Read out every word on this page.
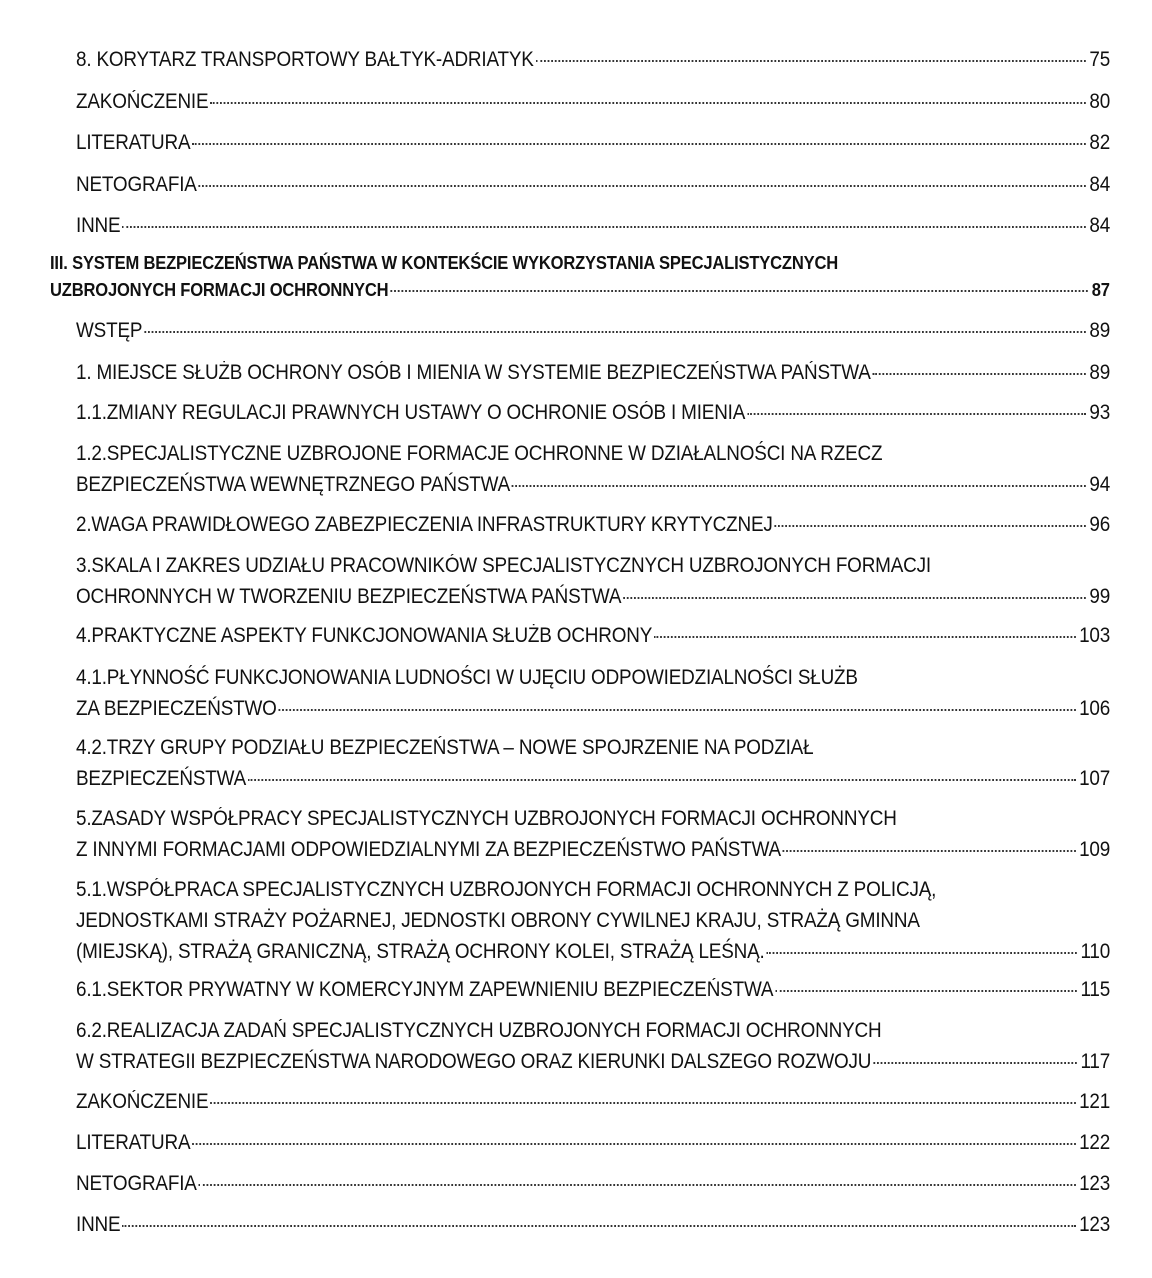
8. KORYTARZ TRANSPORTOWY BAŁTYK-ADRIATYK	75
ZAKOŃCZENIE	80
LITERATURA	82
NETOGRAFIA	84
INNE	84
III. SYSTEM BEZPIECZEŃSTWA PAŃSTWA W KONTEKŚCIE WYKORZYSTANIA SPECJALISTYCZNYCH
UZBROJONYCH FORMACJI OCHRONNYCH	87
WSTĘP	89
1. MIEJSCE SŁUŻB OCHRONY OSÓB I MIENIA W SYSTEMIE BEZPIECZEŃSTWA PAŃSTWA	89
1.1.ZMIANY REGULACJI PRAWNYCH USTAWY O OCHRONIE OSÓB I MIENIA	93
1.2.SPECJALISTYCZNE UZBROJONE FORMACJE OCHRONNE W DZIAŁALNOŚCI NA RZECZ
BEZPIECZEŃSTWA WEWNĘTRZNEGO PAŃSTWA	94
2.WAGA PRAWIDŁOWEGO ZABEZPIECZENIA INFRASTRUKTURY KRYTYCZNEJ	96
3.SKALA I ZAKRES UDZIAŁU PRACOWNIKÓW SPECJALISTYCZNYCH UZBROJONYCH FORMACJI
OCHRONNYCH W TWORZENIU BEZPIECZEŃSTWA PAŃSTWA	99
4.PRAKTYCZNE ASPEKTY FUNKCJONOWANIA SŁUŻB OCHRONY	103
4.1.PŁYNNOŚĆ FUNKCJONOWANIA LUDNOŚCI W UJĘCIU ODPOWIEDZIALNOŚCI SŁUŻB
ZA BEZPIECZEŃSTWO	106
4.2.TRZY GRUPY PODZIAŁU BEZPIECZEŃSTWA – NOWE SPOJRZENIE NA PODZIAŁ
BEZPIECZEŃSTWA	107
5.ZASADY WSPÓŁPRACY SPECJALISTYCZNYCH UZBROJONYCH FORMACJI OCHRONNYCH
Z INNYMI FORMACJAMI ODPOWIEDZIALNYMI ZA BEZPIECZEŃSTWO PAŃSTWA	109
5.1.WSPÓŁPRACA SPECJALISTYCZNYCH UZBROJONYCH FORMACJI OCHRONNYCH Z POLICJĄ,
JEDNOSTKAMI STRAŻY POŻARNEJ, JEDNOSTKI OBRONY CYWILNEJ KRAJU, STRAŻĄ GMINNA
(MIEJSKĄ), STRAŻĄ GRANICZNĄ, STRAŻĄ OCHRONY KOLEI, STRAŻĄ LEŚNĄ.	110
6.1.SEKTOR PRYWATNY W KOMERCYJNYM ZAPEWNIENIU BEZPIECZEŃSTWA	115
6.2.REALIZACJA ZADAŃ SPECJALISTYCZNYCH UZBROJONYCH FORMACJI OCHRONNYCH
W STRATEGII BEZPIECZEŃSTWA NARODOWEGO ORAZ KIERUNKI DALSZEGO ROZWOJU	117
ZAKOŃCZENIE	121
LITERATURA	122
NETOGRAFIA	123
INNE	123
